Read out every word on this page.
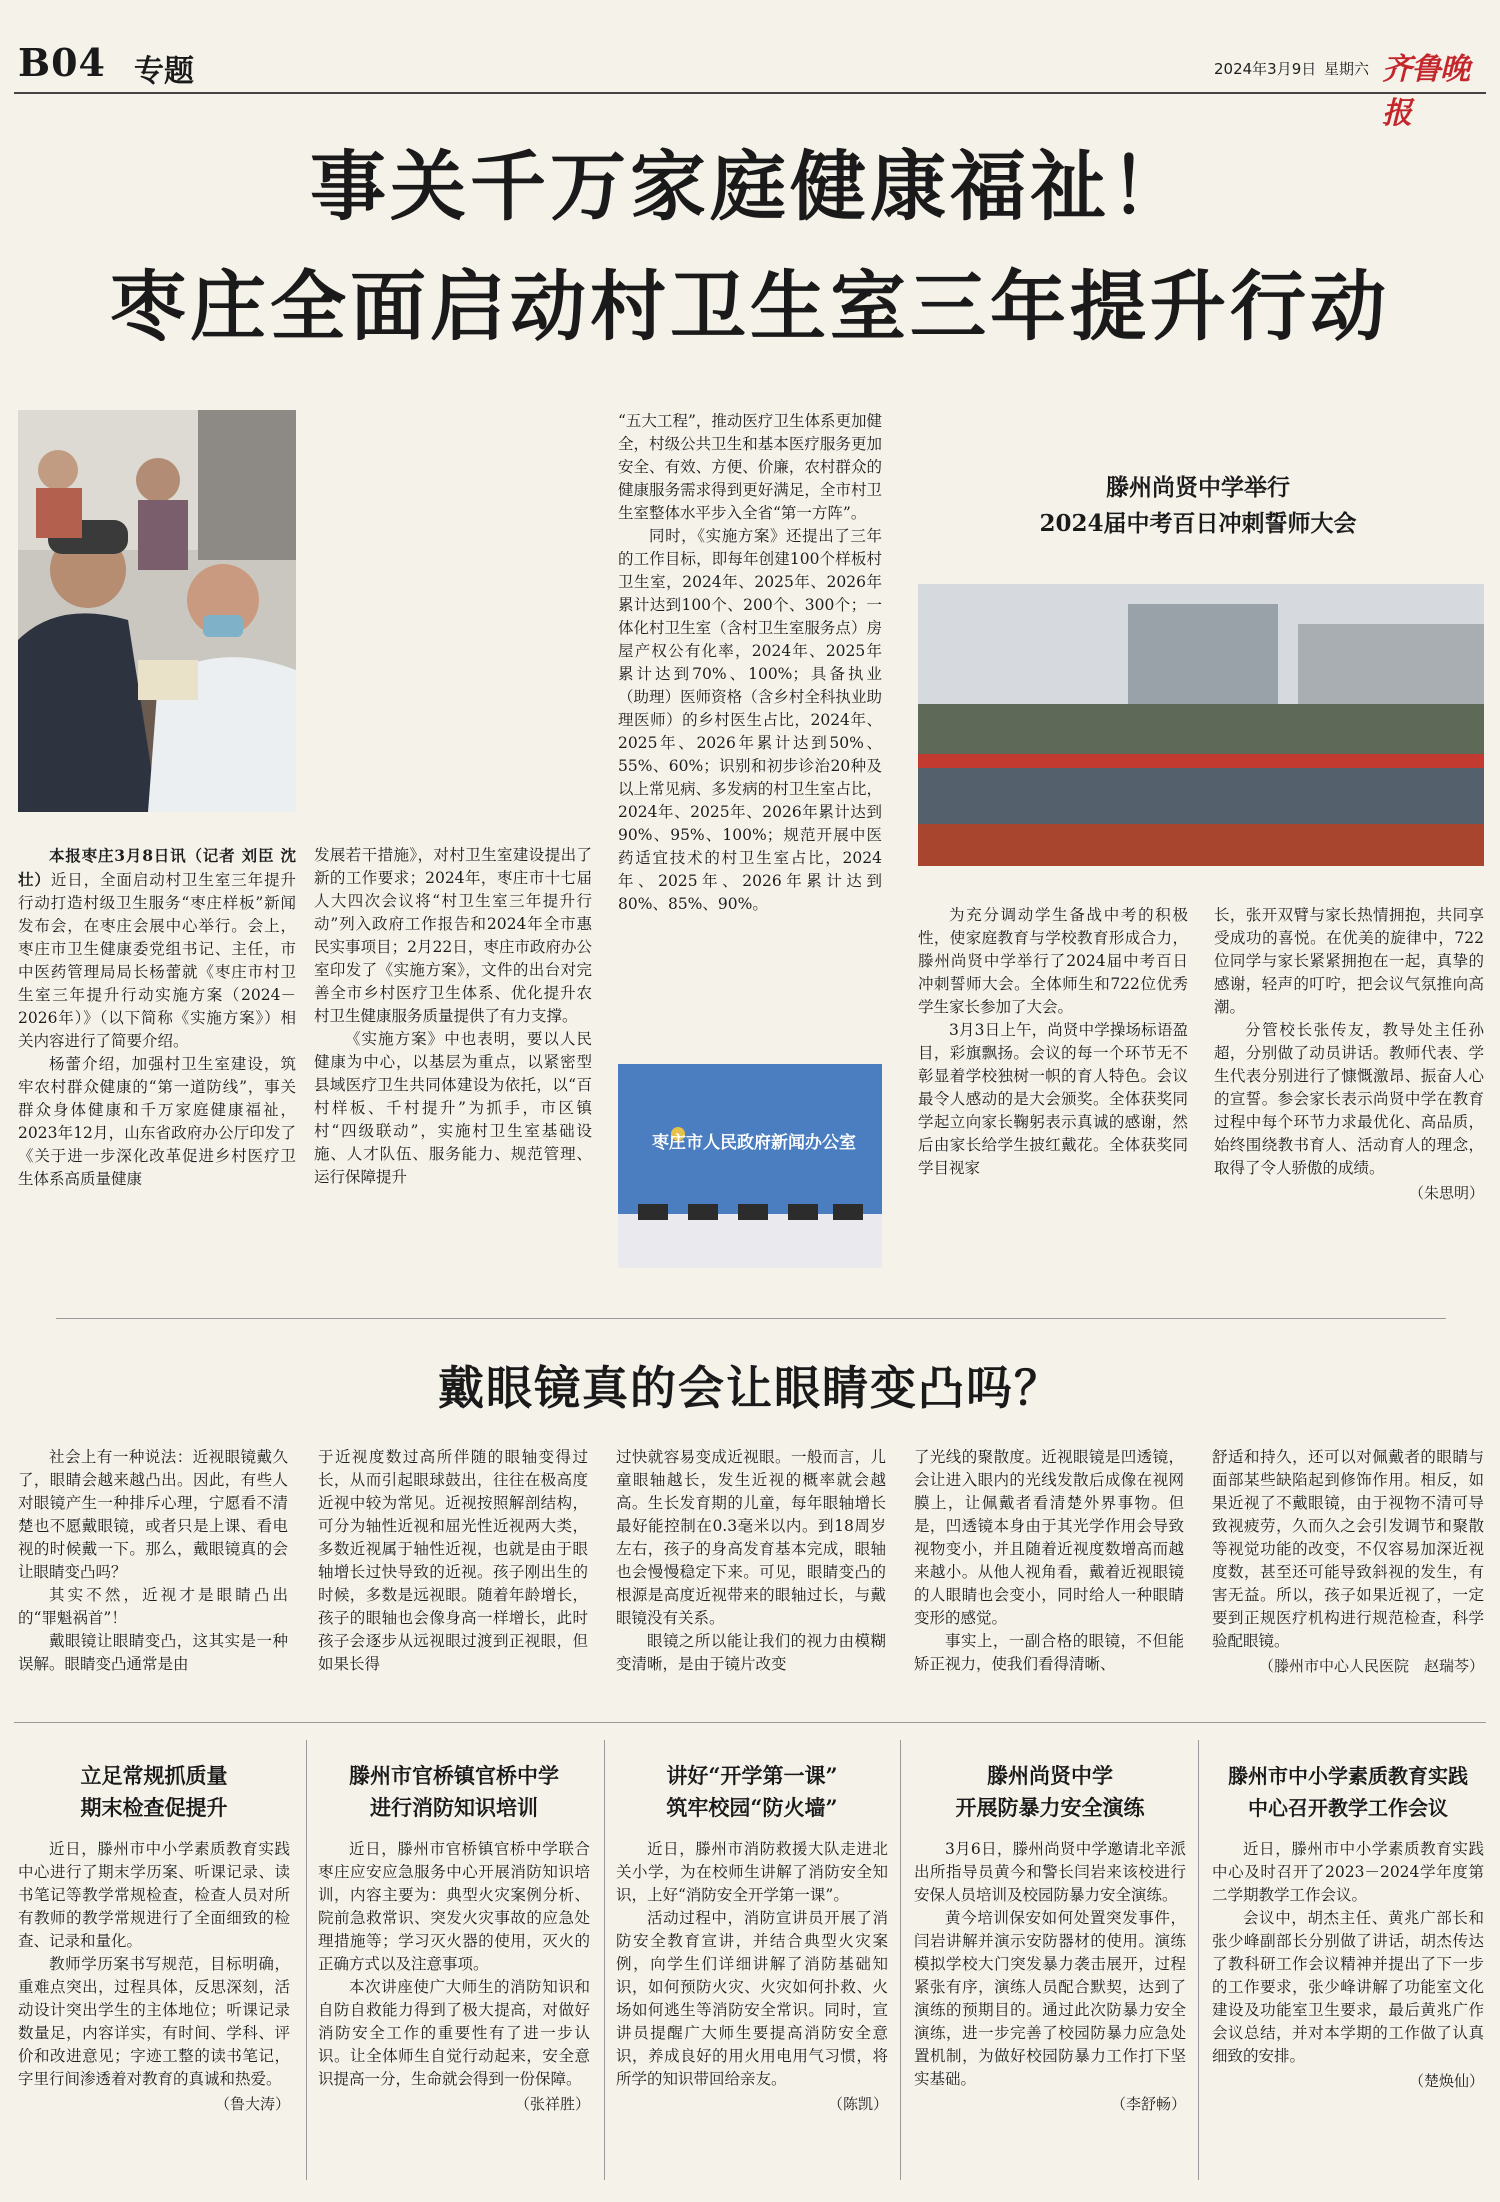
B04 专题	2024年3月9日 星期六 齐鲁晚报
事关千万家庭健康福祉！
枣庄全面启动村卫生室三年提升行动

本报枣庄3月8日讯（记者 刘臣 沈壮）近日，全面启动村卫生室三年提升行动打造村级卫生服务“枣庄样板”新闻发布会，在枣庄会展中心举行。会上，枣庄市卫生健康委党组书记、主任，市中医药管理局局长杨蕾就《枣庄市村卫生室三年提升行动实施方案（2024－2026年）》（以下简称《实施方案》）相关内容进行了简要介绍。

杨蕾介绍，加强村卫生室建设，筑牢农村群众健康的“第一道防线”，事关群众身体健康和千万家庭健康福祉，2023年12月，山东省政府办公厅印发了《关于进一步深化改革促进乡村医疗卫生体系高质量健康

发展若干措施》，对村卫生室建设提出了新的工作要求；2024年，枣庄市十七届人大四次会议将“村卫生室三年提升行动”列入政府工作报告和2024年全市惠民实事项目；2月22日，枣庄市政府办公室印发了《实施方案》，文件的出台对完善全市乡村医疗卫生体系、优化提升农村卫生健康服务质量提供了有力支撑。

《实施方案》中也表明，要以人民健康为中心，以基层为重点，以紧密型县域医疗卫生共同体建设为依托，以“百村样板、千村提升”为抓手，市区镇村“四级联动”，实施村卫生室基础设施、人才队伍、服务能力、规范管理、运行保障提升

“五大工程”，推动医疗卫生体系更加健全，村级公共卫生和基本医疗服务更加安全、有效、方便、价廉，农村群众的健康服务需求得到更好满足，全市村卫生室整体水平步入全省“第一方阵”。

同时，《实施方案》还提出了三年的工作目标，即每年创建100个样板村卫生室，2024年、2025年、2026年累计达到100个、200个、300个；一体化村卫生室（含村卫生室服务点）房屋产权公有化率，2024年、2025年累计达到70%、100%；具备执业（助理）医师资格（含乡村全科执业助理医师）的乡村医生占比，2024年、2025年、2026年累计达到50%、55%、60%；识别和初步诊治20种及以上常见病、多发病的村卫生室占比，2024年、2025年、2026年累计达到90%、95%、100%；规范开展中医药适宜技术的村卫生室占比，2024年、2025年、2026年累计达到80%、85%、90%。

枣庄市人民政府新闻办公室
滕州尚贤中学举行
2024届中考百日冲刺誓师大会

为充分调动学生备战中考的积极性，使家庭教育与学校教育形成合力，滕州尚贤中学举行了2024届中考百日冲刺誓师大会。全体师生和722位优秀学生家长参加了大会。

3月3日上午，尚贤中学操场标语盈目，彩旗飘扬。会议的每一个环节无不彰显着学校独树一帜的育人特色。会议最令人感动的是大会颁奖。全体获奖同学起立向家长鞠躬表示真诚的感谢，然后由家长给学生披红戴花。全体获奖同学目视家

长，张开双臂与家长热情拥抱，共同享受成功的喜悦。在优美的旋律中，722位同学与家长紧紧拥抱在一起，真挚的感谢，轻声的叮咛，把会议气氛推向高潮。

分管校长张传友，教导处主任孙超，分别做了动员讲话。教师代表、学生代表分别进行了慷慨激昂、振奋人心的宣誓。参会家长表示尚贤中学在教育过程中每个环节力求最优化、高品质，始终围绕教书育人、活动育人的理念，取得了令人骄傲的成绩。

（朱思明）
戴眼镜真的会让眼睛变凸吗？

社会上有一种说法：近视眼镜戴久了，眼睛会越来越凸出。因此，有些人对眼镜产生一种排斥心理，宁愿看不清楚也不愿戴眼镜，或者只是上课、看电视的时候戴一下。那么，戴眼镜真的会让眼睛变凸吗？

其实不然，近视才是眼睛凸出的“罪魁祸首”！

戴眼镜让眼睛变凸，这其实是一种误解。眼睛变凸通常是由

于近视度数过高所伴随的眼轴变得过长，从而引起眼球鼓出，往往在极高度近视中较为常见。近视按照解剖结构，可分为轴性近视和屈光性近视两大类，多数近视属于轴性近视，也就是由于眼轴增长过快导致的近视。孩子刚出生的时候，多数是远视眼。随着年龄增长，孩子的眼轴也会像身高一样增长，此时孩子会逐步从远视眼过渡到正视眼，但如果长得

过快就容易变成近视眼。一般而言，儿童眼轴越长，发生近视的概率就会越高。生长发育期的儿童，每年眼轴增长最好能控制在0.3毫米以内。到18周岁左右，孩子的身高发育基本完成，眼轴也会慢慢稳定下来。可见，眼睛变凸的根源是高度近视带来的眼轴过长，与戴眼镜没有关系。

眼镜之所以能让我们的视力由模糊变清晰，是由于镜片改变

了光线的聚散度。近视眼镜是凹透镜，会让进入眼内的光线发散后成像在视网膜上，让佩戴者看清楚外界事物。但是，凹透镜本身由于其光学作用会导致视物变小，并且随着近视度数增高而越来越小。从他人视角看，戴着近视眼镜的人眼睛也会变小，同时给人一种眼睛变形的感觉。

事实上，一副合格的眼镜，不但能矫正视力，使我们看得清晰、

舒适和持久，还可以对佩戴者的眼睛与面部某些缺陷起到修饰作用。相反，如果近视了不戴眼镜，由于视物不清可导致视疲劳，久而久之会引发调节和聚散等视觉功能的改变，不仅容易加深近视度数，甚至还可能导致斜视的发生，有害无益。所以，孩子如果近视了，一定要到正规医疗机构进行规范检查，科学验配眼镜。

（滕州市中心人民医院　赵瑞芩）
立足常规抓质量
期末检查促提升

近日，滕州市中小学素质教育实践中心进行了期末学历案、听课记录、读书笔记等教学常规检查，检查人员对所有教师的教学常规进行了全面细致的检查、记录和量化。

教师学历案书写规范，目标明确，重难点突出，过程具体，反思深刻，活动设计突出学生的主体地位；听课记录数量足，内容详实，有时间、学科、评价和改进意见；字迹工整的读书笔记，字里行间渗透着对教育的真诚和热爱。

（鲁大涛）
滕州市官桥镇官桥中学
进行消防知识培训

近日，滕州市官桥镇官桥中学联合枣庄应安应急服务中心开展消防知识培训，内容主要为：典型火灾案例分析、院前急救常识、突发火灾事故的应急处理措施等；学习灭火器的使用，灭火的正确方式以及注意事项。

本次讲座使广大师生的消防知识和自防自救能力得到了极大提高，对做好消防安全工作的重要性有了进一步认识。让全体师生自觉行动起来，安全意识提高一分，生命就会得到一份保障。

（张祥胜）
讲好“开学第一课”
筑牢校园“防火墙”

近日，滕州市消防救援大队走进北关小学，为在校师生讲解了消防安全知识，上好“消防安全开学第一课”。

活动过程中，消防宣讲员开展了消防安全教育宣讲，并结合典型火灾案例，向学生们详细讲解了消防基础知识，如何预防火灾、火灾如何扑救、火场如何逃生等消防安全常识。同时，宣讲员提醒广大师生要提高消防安全意识，养成良好的用火用电用气习惯，将所学的知识带回给亲友。

（陈凯）
滕州尚贤中学
开展防暴力安全演练

3月6日，滕州尚贤中学邀请北辛派出所指导员黄今和警长闫岩来该校进行安保人员培训及校园防暴力安全演练。

黄今培训保安如何处置突发事件，闫岩讲解并演示安防器材的使用。演练模拟学校大门突发暴力袭击展开，过程紧张有序，演练人员配合默契，达到了演练的预期目的。通过此次防暴力安全演练，进一步完善了校园防暴力应急处置机制，为做好校园防暴力工作打下坚实基础。

（李舒畅）
滕州市中小学素质教育实践
中心召开教学工作会议

近日，滕州市中小学素质教育实践中心及时召开了2023－2024学年度第二学期教学工作会议。

会议中，胡杰主任、黄兆广部长和张少峰副部长分别做了讲话，胡杰传达了教科研工作会议精神并提出了下一步的工作要求，张少峰讲解了功能室文化建设及功能室卫生要求，最后黄兆广作会议总结，并对本学期的工作做了认真细致的安排。

（楚焕仙）
